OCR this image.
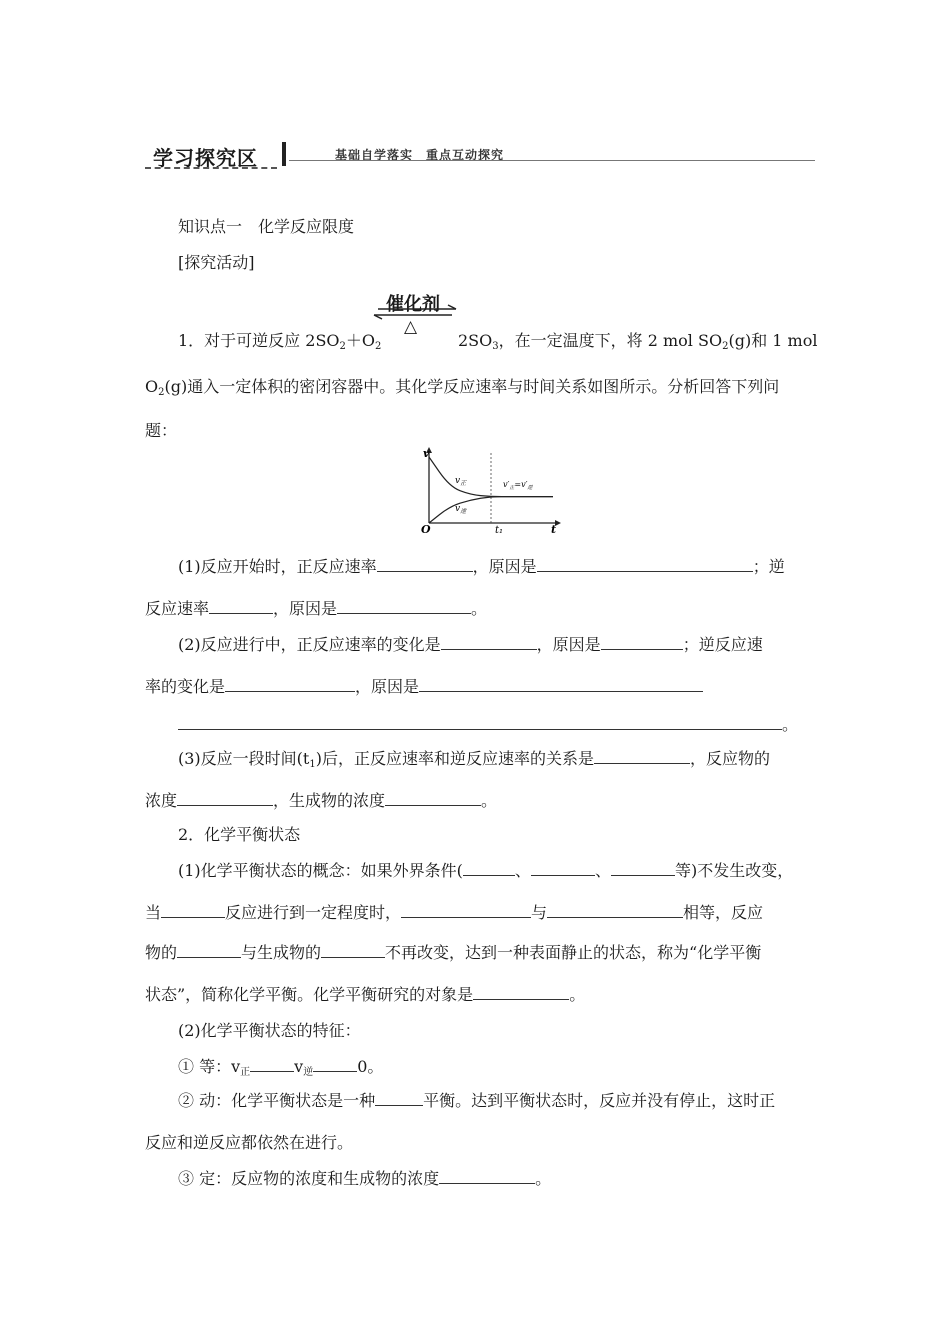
学习探究区	基础自学落实　重点互动探究
知识点一　化学反应限度
[探究活动]
催化剂
△
1．对于可逆反应 $2SO_2+O_2$	$2SO_3$，在一定温度下，将 2 mol $SO_2(g)$和 1 mol
$O_2(g)$通入一定体积的密闭容器中。其化学反应速率与时间关系如图所示。分析回答下列问
题：
v
t
O	t₁
$v_正$
$v_逆$
$v'_正=v'_逆$
(1)反应开始时，正反应速率	，原因是	；逆
反应速率	，原因是	。
(2)反应进行中，正反应速率的变化是	，原因是	；逆反应速
率的变化是	，原因是
。
(3)反应一段时间$(t_1)$后，正反应速率和逆反应速率的关系是	，反应物的
浓度	，生成物的浓度	。
2．化学平衡状态
(1)化学平衡状态的概念：如果外界条件(	、	、	等)不发生改变，
当	反应进行到一定程度时，	与	相等，反应
物的	与生成物的	不再改变，达到一种表面静止的状态，称为“化学平衡
状态”，简称化学平衡。化学平衡研究的对象是	。
(2)化学平衡状态的特征：
① 等：$v_正$	$v_逆$	0。
② 动：化学平衡状态是一种	平衡。达到平衡状态时，反应并没有停止，这时正
反应和逆反应都依然在进行。
③ 定：反应物的浓度和生成物的浓度	。
